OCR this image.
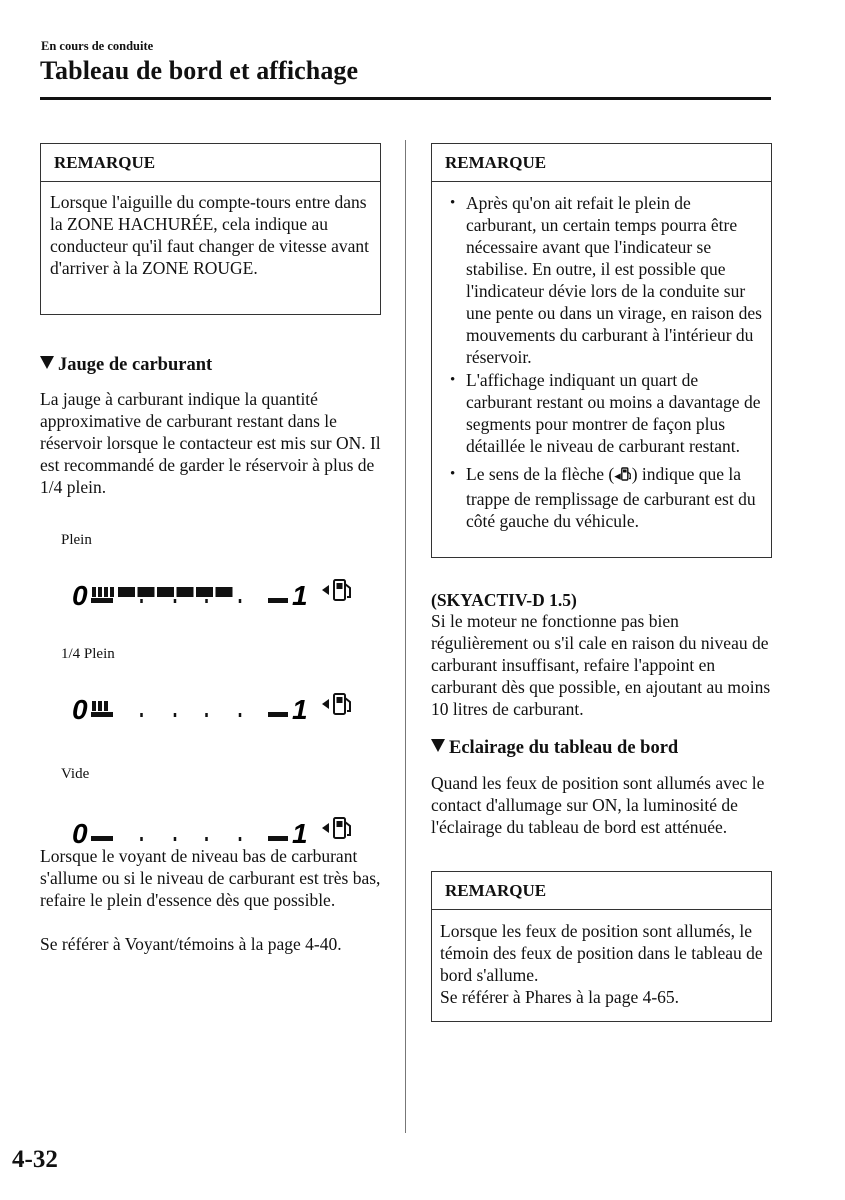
En cours de conduite
Tableau de bord et affichage
REMARQUE
Lorsque l'aiguille du compte-tours entre dans la ZONE HACHURÉE, cela indique au conducteur qu'il faut changer de vitesse avant d'arriver à la ZONE ROUGE.
Jauge de carburant
La jauge à carburant indique la quantité approximative de carburant restant dans le réservoir lorsque le contacteur est mis sur ON. Il est recommandé de garder le réservoir à plus de 1/4 plein.
Plein
0	1
1/4 Plein
0	1
Vide
0	1
Lorsque le voyant de niveau bas de carburant s'allume ou si le niveau de carburant est très bas, refaire le plein d'essence dès que possible.
Se référer à Voyant/témoins à la page 4-40.
REMARQUE
• Après qu'on ait refait le plein de carburant, un certain temps pourra être nécessaire avant que l'indicateur se stabilise. En outre, il est possible que l'indicateur dévie lors de la conduite sur une pente ou dans un virage, en raison des mouvements du carburant à l'intérieur du réservoir.
• L'affichage indiquant un quart de carburant restant ou moins a davantage de segments pour montrer de façon plus détaillée le niveau de carburant restant.
• Le sens de la flèche (◂ ) indique que la trappe de remplissage de carburant est du côté gauche du véhicule.
(SKYACTIV-D 1.5)
Si le moteur ne fonctionne pas bien régulièrement ou s'il cale en raison du niveau de carburant insuffisant, refaire l'appoint en carburant dès que possible, en ajoutant au moins 10 litres de carburant.
Eclairage du tableau de bord
Quand les feux de position sont allumés avec le contact d'allumage sur ON, la luminosité de l'éclairage du tableau de bord est atténuée.
REMARQUE
Lorsque les feux de position sont allumés, le témoin des feux de position dans le tableau de bord s'allume.
Se référer à Phares à la page 4-65.
4-32
